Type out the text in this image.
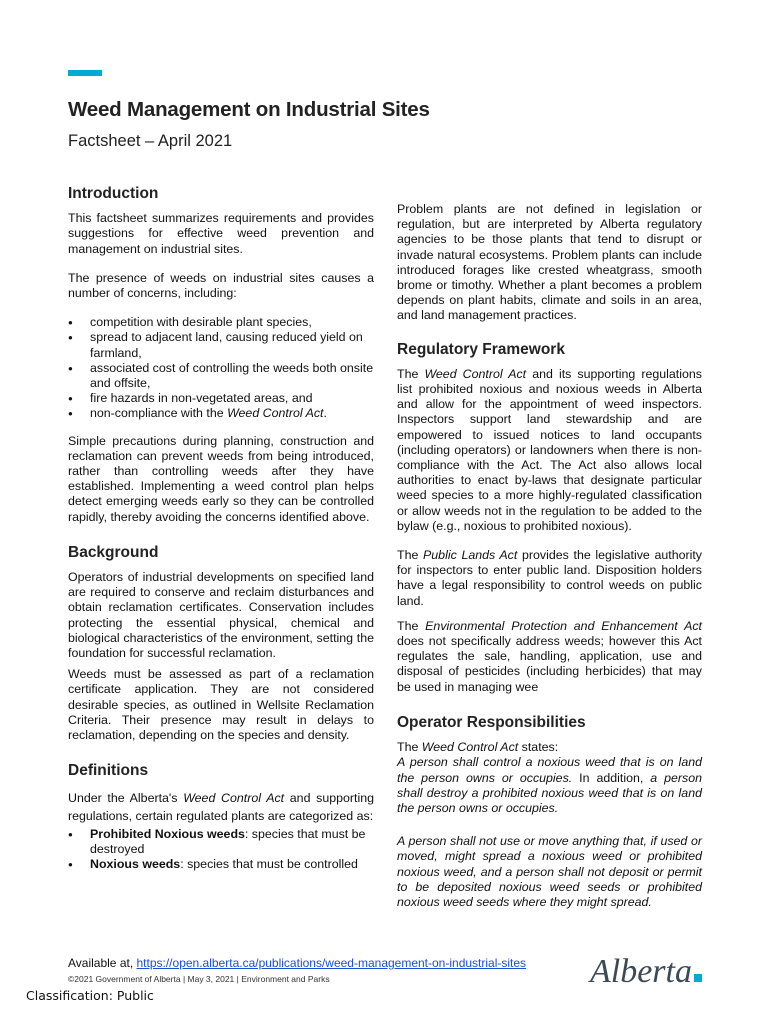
Weed Management on Industrial Sites
Factsheet – April 2021
Introduction

This factsheet summarizes requirements and provides suggestions for effective weed prevention and management on industrial sites.

The presence of weeds on industrial sites causes a number of concerns, including:

● competition with desirable plant species,
● spread to adjacent land, causing reduced yield on farmland,
● associated cost of controlling the weeds both onsite and offsite,
● fire hazards in non-vegetated areas, and
● non-compliance with the Weed Control Act.

Simple precautions during planning, construction and reclamation can prevent weeds from being introduced, rather than controlling weeds after they have established. Implementing a weed control plan helps detect emerging weeds early so they can be controlled rapidly, thereby avoiding the concerns identified above.

Background

Operators of industrial developments on specified land are required to conserve and reclaim disturbances and obtain reclamation certificates. Conservation includes protecting the essential physical, chemical and biological characteristics of the environment, setting the foundation for successful reclamation.

Weeds must be assessed as part of a reclamation certificate application. They are not considered desirable species, as outlined in Wellsite Reclamation Criteria. Their presence may result in delays to reclamation, depending on the species and density.

Definitions

Under the Alberta's Weed Control Act and supporting regulations, certain regulated plants are categorized as:

● Prohibited Noxious weeds: species that must be destroyed
● Noxious weeds: species that must be controlled

Problem plants are not defined in legislation or regulation, but are interpreted by Alberta regulatory agencies to be those plants that tend to disrupt or invade natural ecosystems. Problem plants can include introduced forages like crested wheatgrass, smooth brome or timothy. Whether a plant becomes a problem depends on plant habits, climate and soils in an area, and land management practices.

Regulatory Framework

The Weed Control Act and its supporting regulations list prohibited noxious and noxious weeds in Alberta and allow for the appointment of weed inspectors. Inspectors support land stewardship and are empowered to issued notices to land occupants (including operators) or landowners when there is non-compliance with the Act. The Act also allows local authorities to enact by-laws that designate particular weed species to a more highly-regulated classification or allow weeds not in the regulation to be added to the bylaw (e.g., noxious to prohibited noxious).

The Public Lands Act provides the legislative authority for inspectors to enter public land. Disposition holders have a legal responsibility to control weeds on public land.

The Environmental Protection and Enhancement Act does not specifically address weeds; however this Act regulates the sale, handling, application, use and disposal of pesticides (including herbicides) that may be used in managing wee

Operator Responsibilities

The Weed Control Act states:

A person shall control a noxious weed that is on land the person owns or occupies. In addition, a person shall destroy a prohibited noxious weed that is on land the person owns or occupies.

A person shall not use or move anything that, if used or moved, might spread a noxious weed or prohibited noxious weed, and a person shall not deposit or permit to be deposited noxious weed seeds or prohibited noxious weed seeds where they might spread.

Available at, https://open.alberta.ca/publications/weed-management-on-industrial-sites
©2021 Government of Alberta | May 3, 2021 | Environment and Parks
Classification: Public
Alberta
